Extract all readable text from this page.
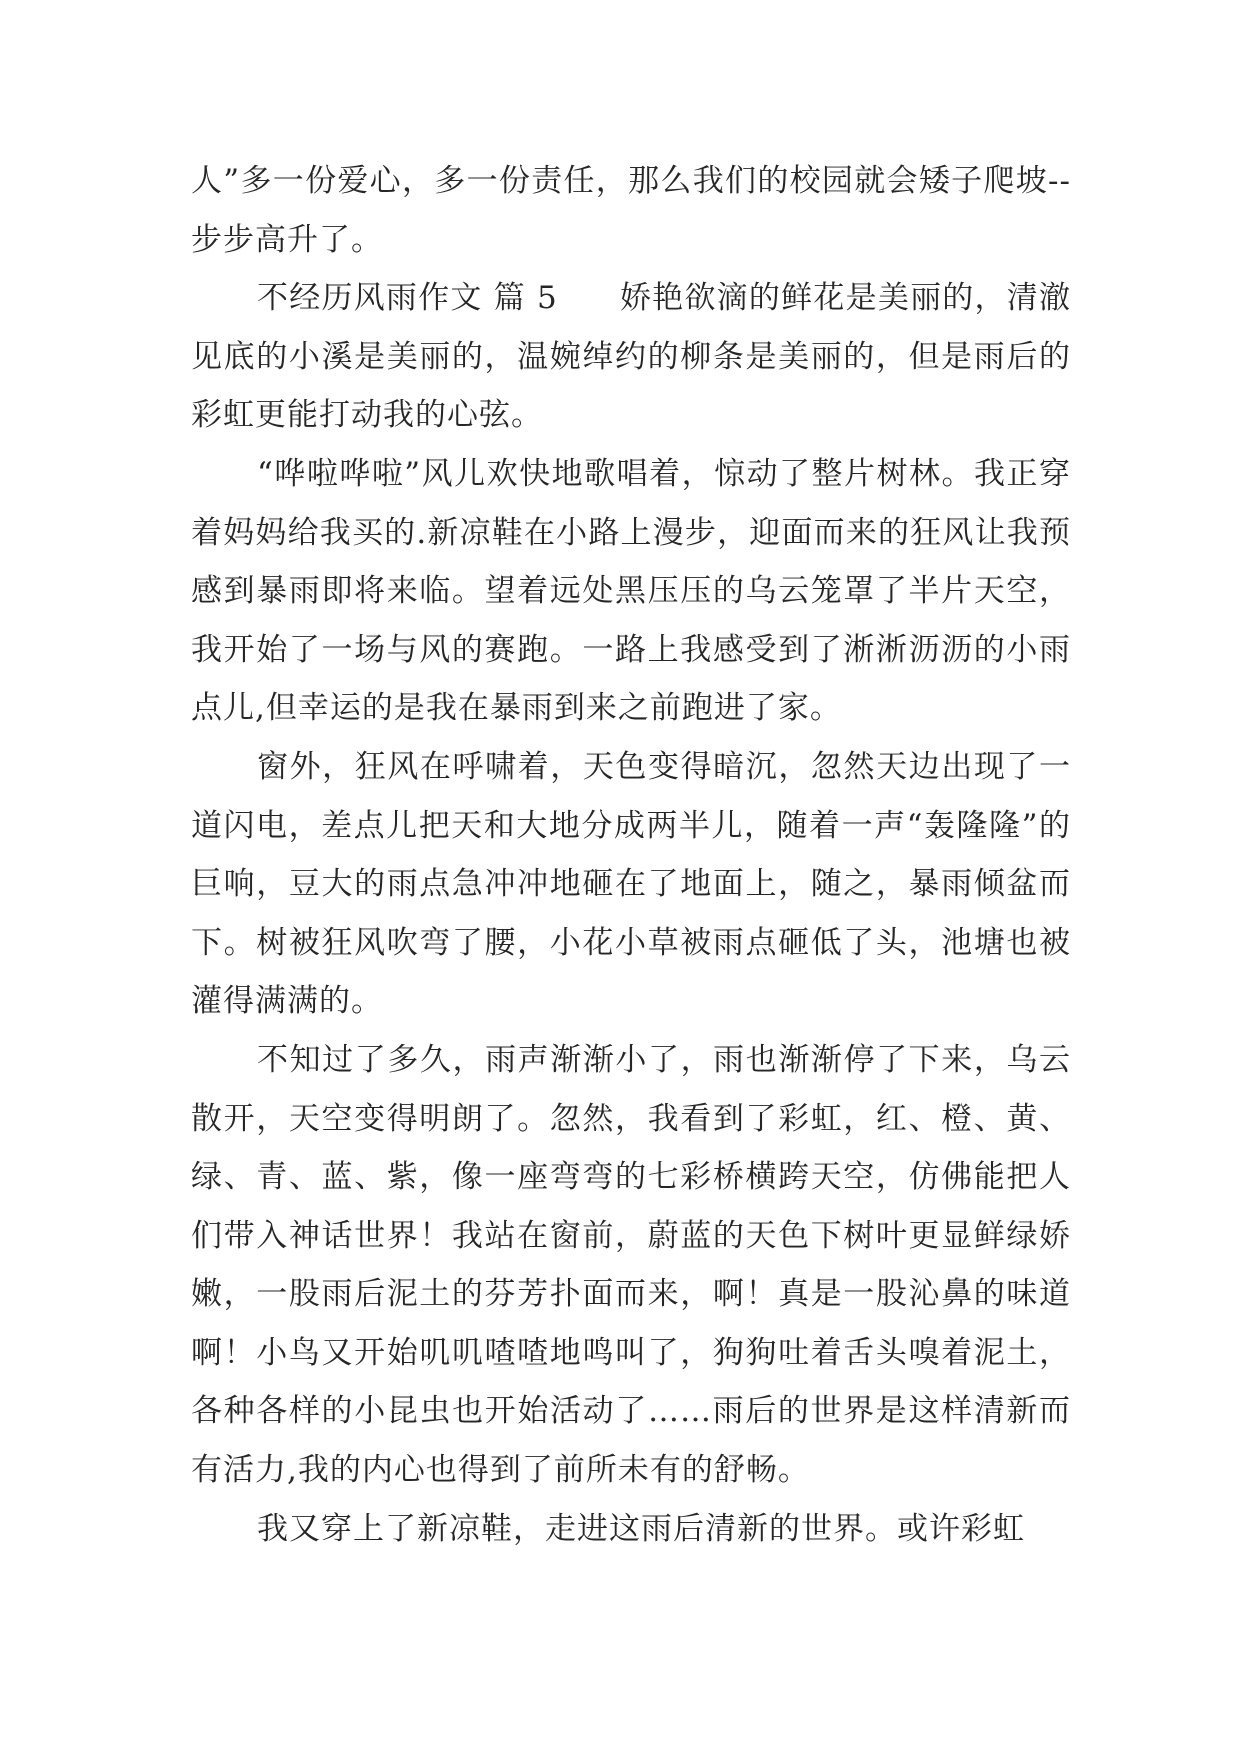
人”多一份爱心，多一份责任，那么我们的校园就会矮子爬坡--步步高升了。

不经历风雨作文 篇 5 娇艳欲滴的鲜花是美丽的，清澈见底的小溪是美丽的，温婉绰约的柳条是美丽的，但是雨后的彩虹更能打动我的心弦。

“哗啦哗啦”风儿欢快地歌唱着，惊动了整片树林。我正穿着妈妈给我买的.新凉鞋在小路上漫步，迎面而来的狂风让我预感到暴雨即将来临。望着远处黑压压的乌云笼罩了半片天空，我开始了一场与风的赛跑。一路上我感受到了淅淅沥沥的小雨点儿,但幸运的是我在暴雨到来之前跑进了家。

窗外，狂风在呼啸着，天色变得暗沉，忽然天边出现了一道闪电，差点儿把天和大地分成两半儿，随着一声“轰隆隆”的巨响，豆大的雨点急冲冲地砸在了地面上，随之，暴雨倾盆而下。树被狂风吹弯了腰，小花小草被雨点砸低了头，池塘也被灌得满满的。

不知过了多久，雨声渐渐小了，雨也渐渐停了下来，乌云散开，天空变得明朗了。忽然，我看到了彩虹，红、橙、黄、绿、青、蓝、紫，像一座弯弯的七彩桥横跨天空，仿佛能把人们带入神话世界！我站在窗前，蔚蓝的天色下树叶更显鲜绿娇嫩，一股雨后泥土的芬芳扑面而来，啊！真是一股沁鼻的味道啊！小鸟又开始叽叽喳喳地鸣叫了，狗狗吐着舌头嗅着泥土，各种各样的小昆虫也开始活动了……雨后的世界是这样清新而有活力,我的内心也得到了前所未有的舒畅。

我又穿上了新凉鞋，走进这雨后清新的世界。或许彩虹
